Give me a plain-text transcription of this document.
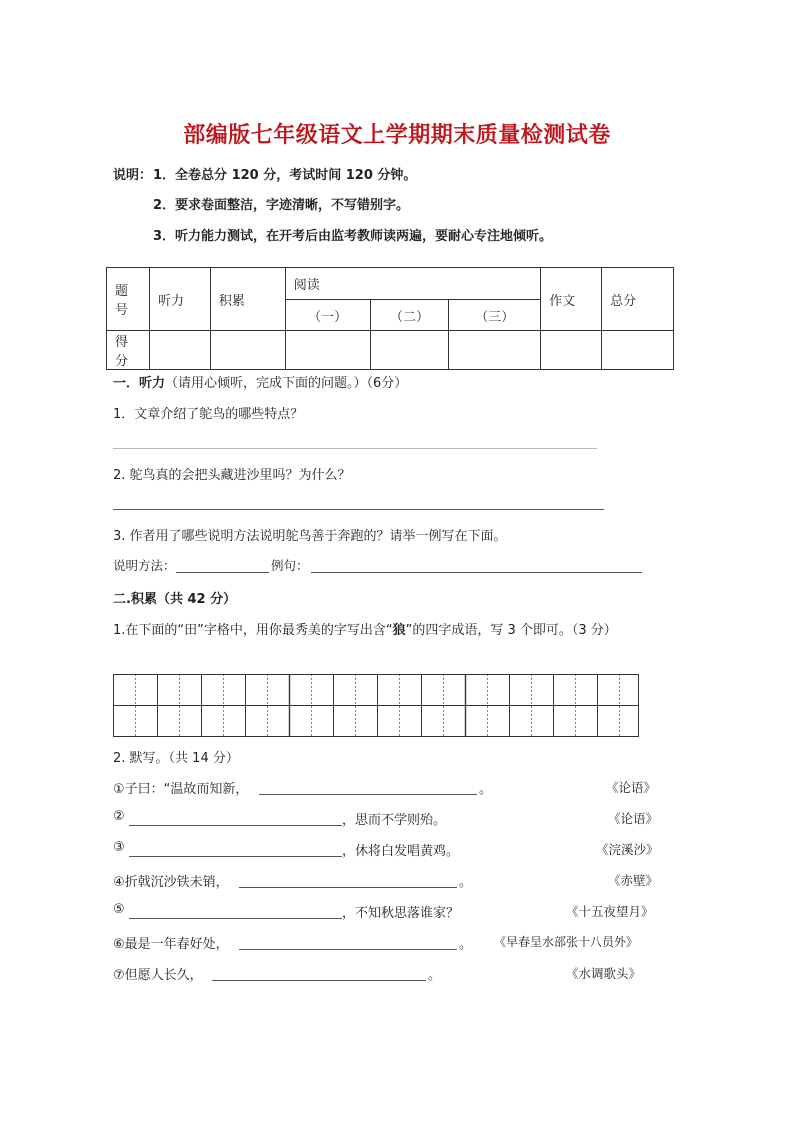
部编版七年级语文上学期期末质量检测试卷
说明： 1．全卷总分 120 分，考试时间 120 分钟。
2．要求卷面整洁，字迹清晰，不写错别字。
3．听力能力测试，在开考后由监考教师读两遍，要耐心专注地倾听。
题号	听力	积累	阅读			作文	总分
			（一）	（二）	（三）		
得分							
一．听力（请用心倾听，完成下面的问题。）（6分）
1．文章介绍了鸵鸟的哪些特点？
2. 鸵鸟真的会把头藏进沙里吗？为什么？
3. 作者用了哪些说明方法说明鸵鸟善于奔跑的？请举一例写在下面。
说明方法：	例句：
二.积累（共 42 分）
1.在下面的“田”字格中，用你最秀美的字写出含“狼”的四字成语，写 3 个即可。（3 分）
2. 默写。（共 14 分）
①子曰：“温故而知新，	。	《论语》
②	，思而不学则殆。	《论语》
③	，休将白发唱黄鸡。	《浣溪沙》
④折戟沉沙铁未销，	。	《赤壁》
⑤	，不知秋思落谁家？	《十五夜望月》
⑥最是一年春好处，	。 《早春呈水部张十八员外》
⑦但愿人长久，	。	《水调歌头》
